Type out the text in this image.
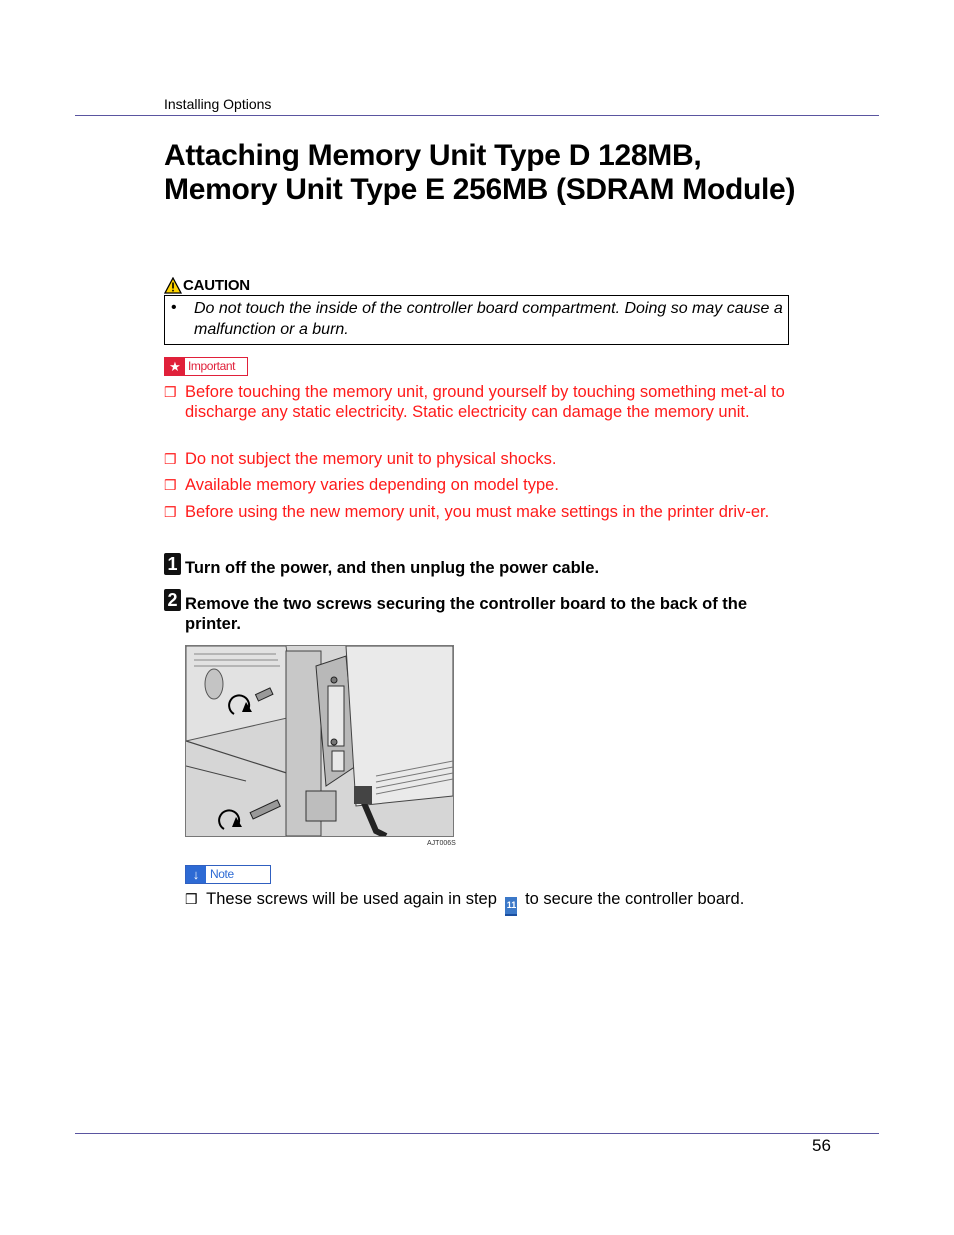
Installing Options
Attaching Memory Unit Type D 128MB, Memory Unit Type E 256MB (SDRAM Module)
CAUTION
• Do not touch the inside of the controller board compartment. Doing so may cause a malfunction or a burn.
★ Important
❒ Before touching the memory unit, ground yourself by touching something met-al to discharge any static electricity. Static electricity can damage the memory unit.
❒ Do not subject the memory unit to physical shocks.
❒ Available memory varies depending on model type.
❒ Before using the new memory unit, you must make settings in the printer driv-er.
1 Turn off the power, and then unplug the power cable.
2 Remove the two screws securing the controller board to the back of the printer.
AJT006S
↓ Note
❒ These screws will be used again in step 11 to secure the controller board.
56
